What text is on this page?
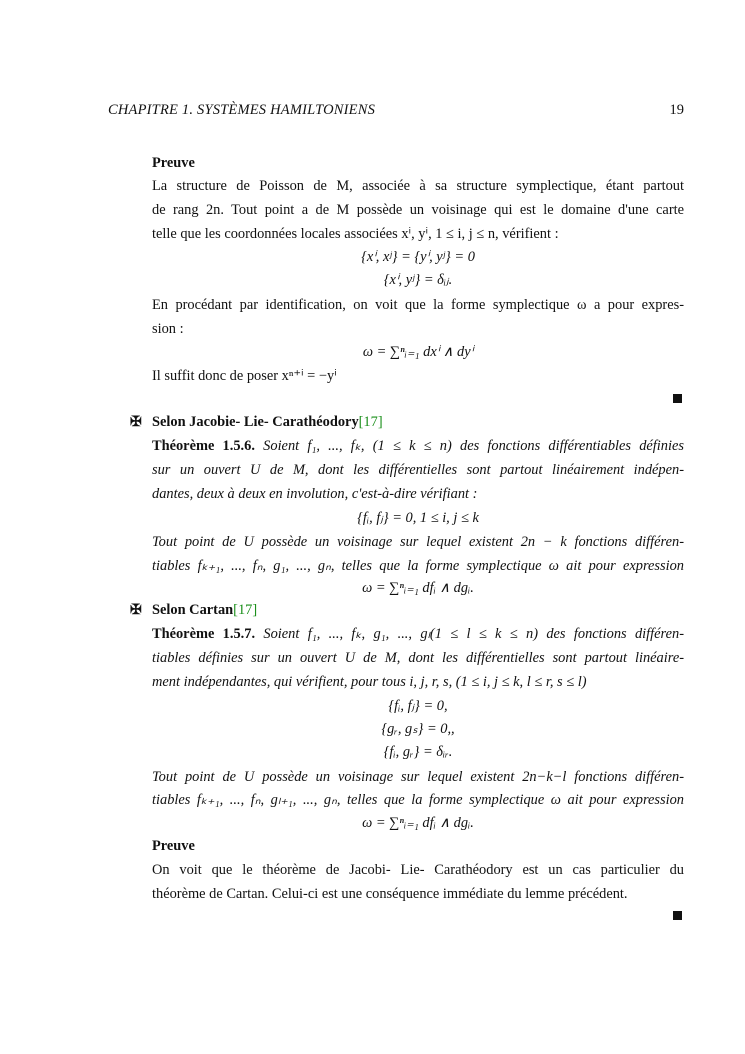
CHAPITRE 1. SYSTÈMES HAMILTONIENS	19
Preuve
La structure de Poisson de M, associée à sa structure symplectique, étant partout
de rang 2n. Tout point a de M possède un voisinage qui est le domaine d'une carte
telle que les coordonnées locales associées xⁱ, yⁱ, 1 ≤ i, j ≤ n, vérifient :
{xⁱ, xʲ} = {yⁱ, yʲ} = 0
{xⁱ, yʲ} = δᵢⱼ.
En procédant par identification, on voit que la forme symplectique ω a pour expres-
sion :
ω = ∑ⁿᵢ₌₁ dxⁱ ∧ dyⁱ
Il suffit donc de poser xⁿ⁺ⁱ = −yⁱ
✠ Selon Jacobie- Lie- Carathéodory[17]
Théorème 1.5.6. Soient f₁, ..., fₖ, (1 ≤ k ≤ n) des fonctions différentiables définies
sur un ouvert U de M, dont les différentielles sont partout linéairement indépen-
dantes, deux à deux en involution, c'est-à-dire vérifiant :
{fᵢ, fⱼ} = 0, 1 ≤ i, j ≤ k
Tout point de U possède un voisinage sur lequel existent 2n − k fonctions différen-
tiables fₖ₊₁, ..., fₙ, g₁, ..., gₙ, telles que la forme symplectique ω ait pour expression
ω = ∑ⁿᵢ₌₁ dfᵢ ∧ dgᵢ.
✠ Selon Cartan[17]
Théorème 1.5.7. Soient f₁, ..., fₖ, g₁, ..., gₗ(1 ≤ l ≤ k ≤ n) des fonctions différen-
tiables définies sur un ouvert U de M, dont les différentielles sont partout linéaire-
ment indépendantes, qui vérifient, pour tous i, j, r, s, (1 ≤ i, j ≤ k, l ≤ r, s ≤ l)
{fᵢ, fⱼ} = 0,
{gᵣ, gₛ} = 0,,
{fᵢ, gᵣ} = δᵢᵣ.
Tout point de U possède un voisinage sur lequel existent 2n−k−l fonctions différen-
tiables fₖ₊₁, ..., fₙ, gₗ₊₁, ..., gₙ, telles que la forme symplectique ω ait pour expression
ω = ∑ⁿᵢ₌₁ dfᵢ ∧ dgᵢ.
Preuve
On voit que le théorème de Jacobi- Lie- Carathéodory est un cas particulier du
théorème de Cartan. Celui-ci est une conséquence immédiate du lemme précédent.
